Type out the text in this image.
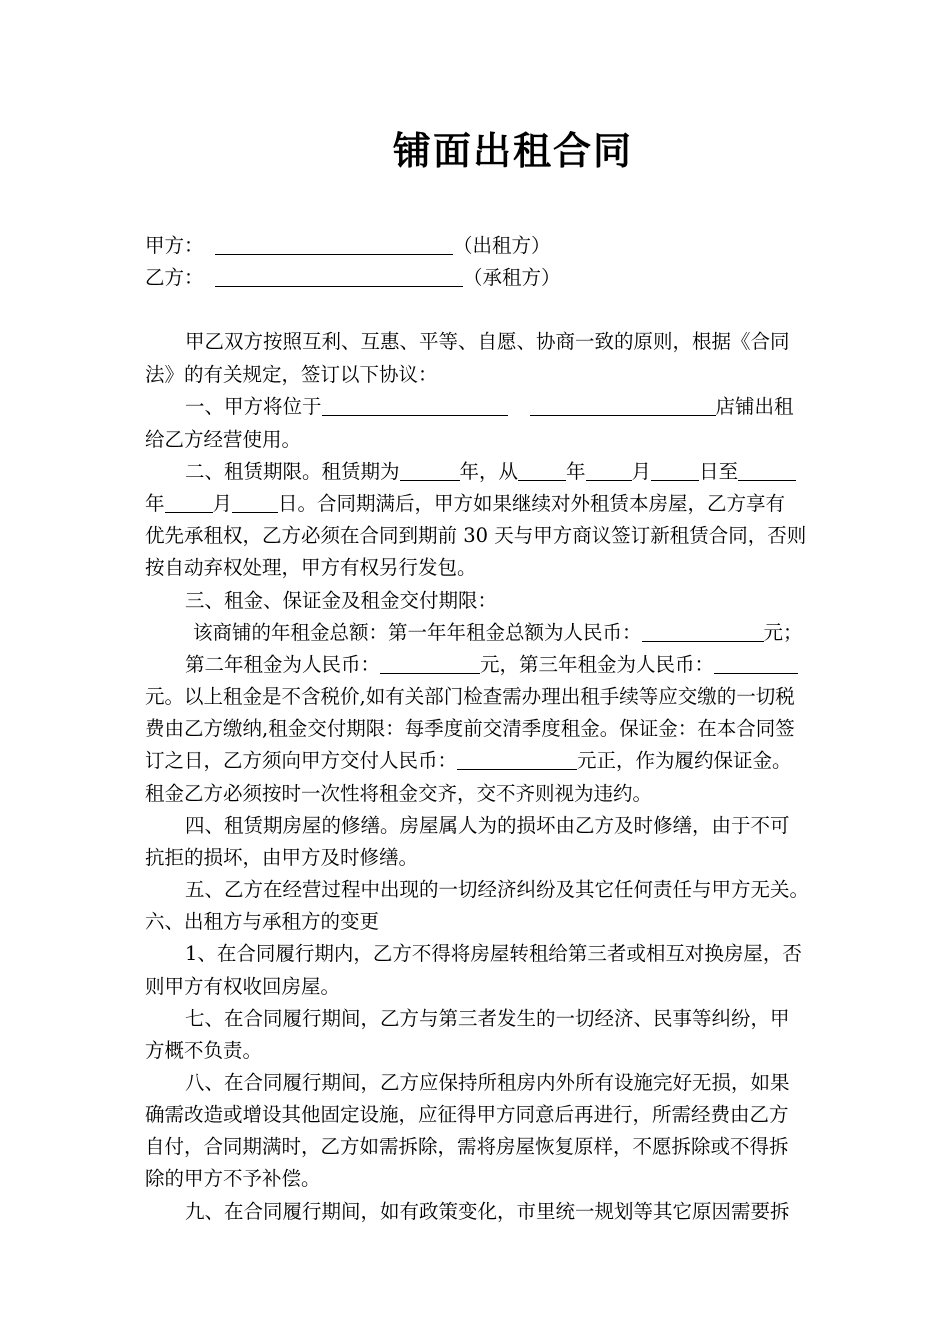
铺面出租合同
甲方：	（出租方）
乙方：	（承租方）
甲乙双方按照互利、互惠、平等、自愿、协商一致的原则，根据《合同
法》的有关规定，签订以下协议：
一、甲方将位于	店铺出租
给乙方经营使用。
二、租赁期限。租赁期为	年，从 年 月 日至
年 月 日。合同期满后，甲方如果继续对外租赁本房屋，乙方享有
优先承租权，乙方必须在合同到期前 30 天与甲方商议签订新租赁合同，否则
按自动弃权处理，甲方有权另行发包。
三、租金、保证金及租金交付期限：
该商铺的年租金总额：第一年年租金总额为人民币：	元；
第二年租金为人民币：	元，第三年租金为人民币：
元。以上租金是不含税价,如有关部门检查需办理出租手续等应交缴的一切税
费由乙方缴纳,租金交付期限：每季度前交清季度租金。保证金：在本合同签
订之日，乙方须向甲方交付人民币：	元正，作为履约保证金。
租金乙方必须按时一次性将租金交齐，交不齐则视为违约。
四、租赁期房屋的修缮。房屋属人为的损坏由乙方及时修缮，由于不可
抗拒的损坏，由甲方及时修缮。
五、乙方在经营过程中出现的一切经济纠纷及其它任何责任与甲方无关。
六、出租方与承租方的变更
1、在合同履行期内，乙方不得将房屋转租给第三者或相互对换房屋，否
则甲方有权收回房屋。
七、在合同履行期间，乙方与第三者发生的一切经济、民事等纠纷，甲
方概不负责。
八、在合同履行期间，乙方应保持所租房内外所有设施完好无损，如果
确需改造或增设其他固定设施，应征得甲方同意后再进行，所需经费由乙方
自付，合同期满时，乙方如需拆除，需将房屋恢复原样，不愿拆除或不得拆
除的甲方不予补偿。
九、在合同履行期间，如有政策变化，市里统一规划等其它原因需要拆
